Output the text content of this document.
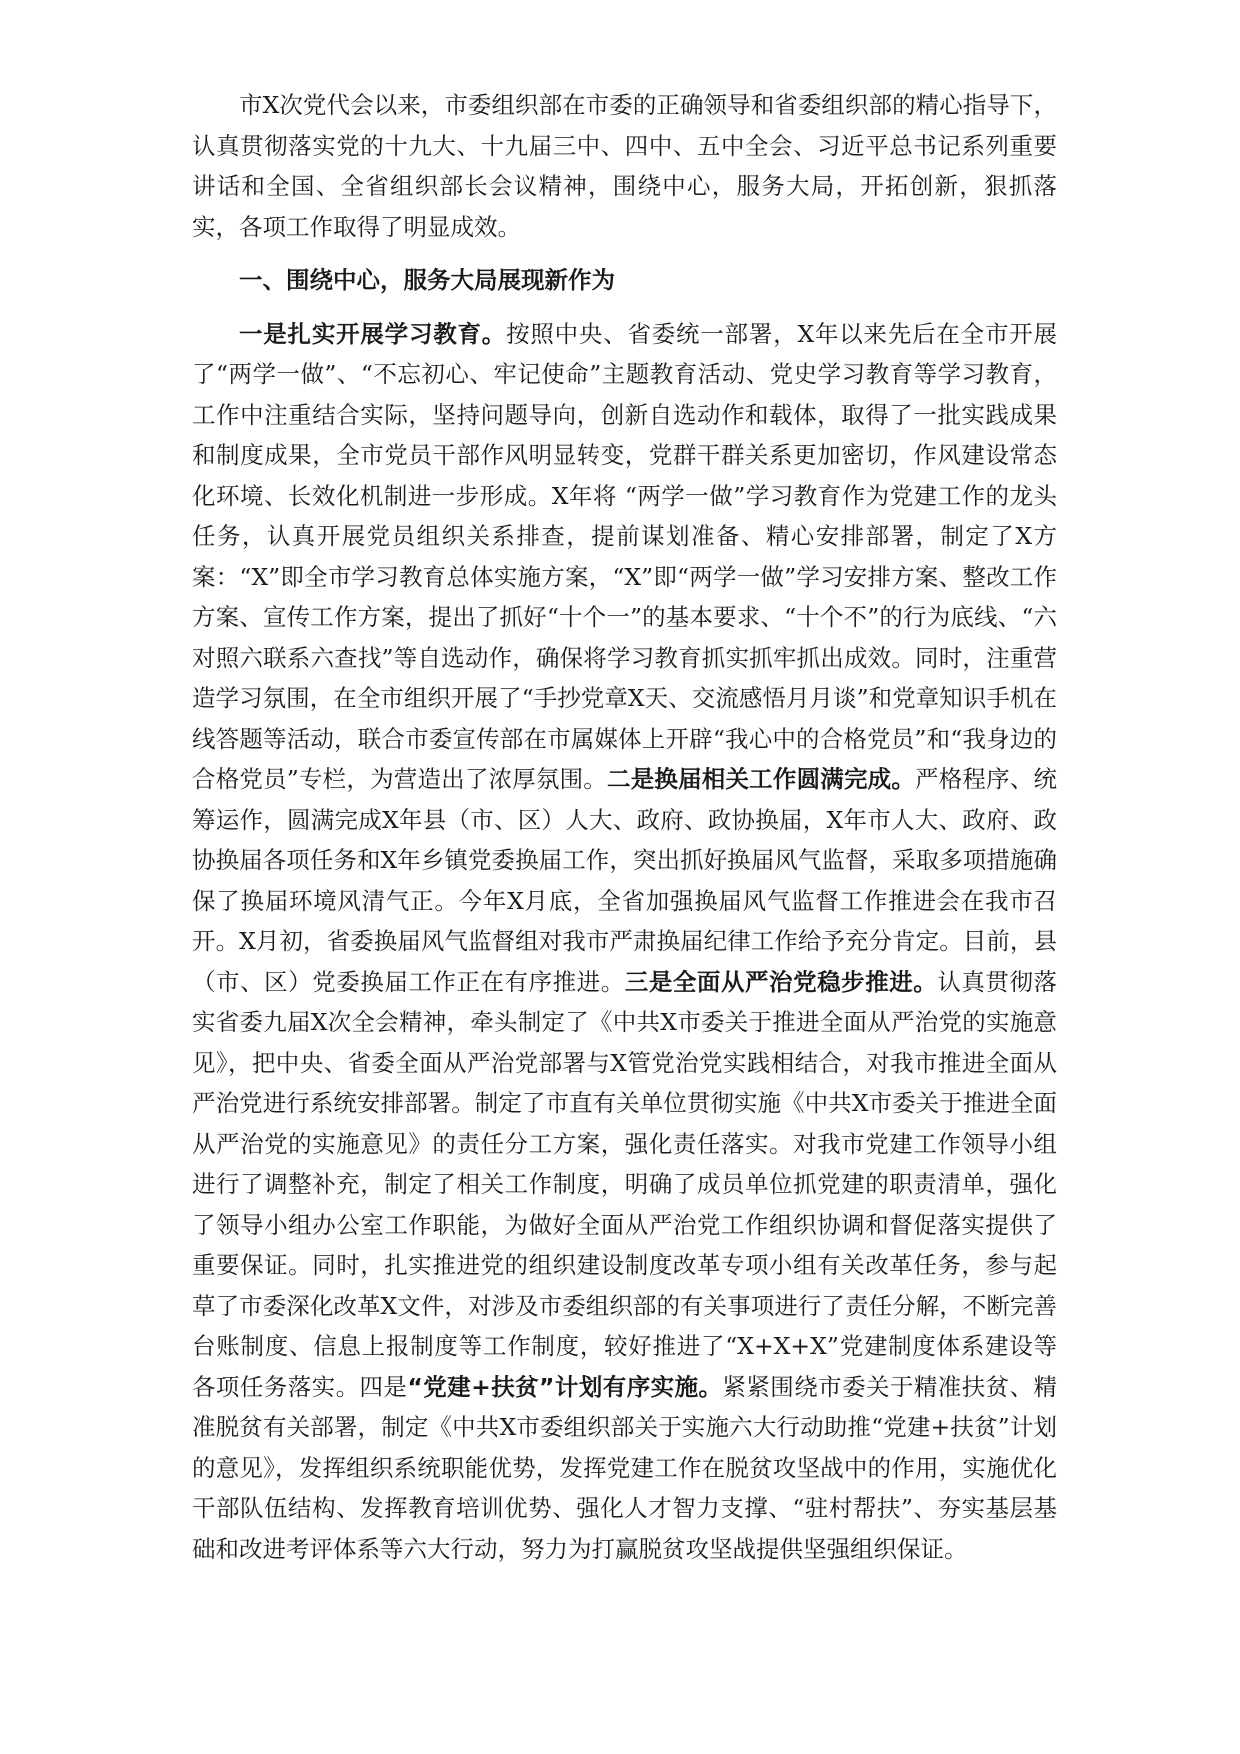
市X次党代会以来，市委组织部在市委的正确领导和省委组织部的精心指导下，认真贯彻落实党的十九大、十九届三中、四中、五中全会、习近平总书记系列重要讲话和全国、全省组织部长会议精神，围绕中心，服务大局，开拓创新，狠抓落实，各项工作取得了明显成效。

一、围绕中心，服务大局展现新作为

一是扎实开展学习教育。按照中央、省委统一部署，X年以来先后在全市开展了“两学一做”、“不忘初心、牢记使命”主题教育活动、党史学习教育等学习教育，工作中注重结合实际，坚持问题导向，创新自选动作和载体，取得了一批实践成果和制度成果，全市党员干部作风明显转变，党群干群关系更加密切，作风建设常态化环境、长效化机制进一步形成。X年将 “两学一做”学习教育作为党建工作的龙头任务，认真开展党员组织关系排查，提前谋划准备、精心安排部署，制定了X方案：“X”即全市学习教育总体实施方案，“X”即“两学一做”学习安排方案、整改工作方案、宣传工作方案，提出了抓好“十个一”的基本要求、“十个不”的行为底线、“六对照六联系六查找”等自选动作，确保将学习教育抓实抓牢抓出成效。同时，注重营造学习氛围，在全市组织开展了“手抄党章X天、交流感悟月月谈”和党章知识手机在线答题等活动，联合市委宣传部在市属媒体上开辟“我心中的合格党员”和“我身边的合格党员”专栏，为营造出了浓厚氛围。二是换届相关工作圆满完成。严格程序、统筹运作，圆满完成X年县（市、区）人大、政府、政协换届，X年市人大、政府、政协换届各项任务和X年乡镇党委换届工作，突出抓好换届风气监督，采取多项措施确保了换届环境风清气正。今年X月底，全省加强换届风气监督工作推进会在我市召开。X月初，省委换届风气监督组对我市严肃换届纪律工作给予充分肯定。目前，县（市、区）党委换届工作正在有序推进。三是全面从严治党稳步推进。认真贯彻落实省委九届X次全会精神，牵头制定了《中共X市委关于推进全面从严治党的实施意见》，把中央、省委全面从严治党部署与X管党治党实践相结合，对我市推进全面从严治党进行系统安排部署。制定了市直有关单位贯彻实施《中共X市委关于推进全面从严治党的实施意见》的责任分工方案，强化责任落实。对我市党建工作领导小组进行了调整补充，制定了相关工作制度，明确了成员单位抓党建的职责清单，强化了领导小组办公室工作职能，为做好全面从严治党工作组织协调和督促落实提供了重要保证。同时，扎实推进党的组织建设制度改革专项小组有关改革任务，参与起草了市委深化改革X文件，对涉及市委组织部的有关事项进行了责任分解，不断完善台账制度、信息上报制度等工作制度，较好推进了“X+X+X”党建制度体系建设等各项任务落实。四是“党建+扶贫”计划有序实施。紧紧围绕市委关于精准扶贫、精准脱贫有关部署，制定《中共X市委组织部关于实施六大行动助推“党建+扶贫”计划的意见》，发挥组织系统职能优势，发挥党建工作在脱贫攻坚战中的作用，实施优化干部队伍结构、发挥教育培训优势、强化人才智力支撑、“驻村帮扶”、夯实基层基础和改进考评体系等六大行动，努力为打赢脱贫攻坚战提供坚强组织保证。
